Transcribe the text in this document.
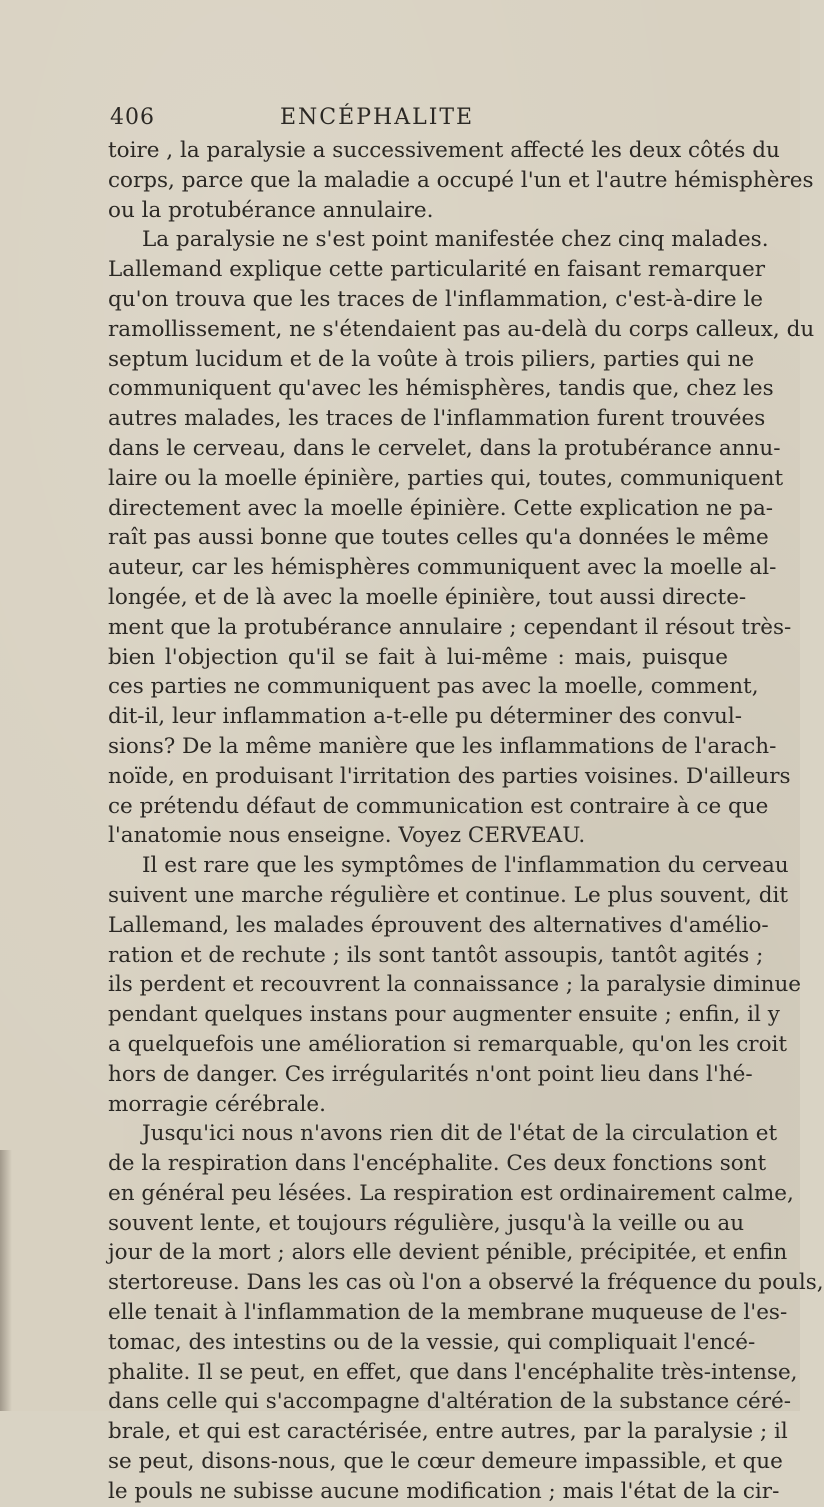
406	ENCÉPHALITE
toire , la paralysie a successivement affecté les deux côtés du
corps, parce que la maladie a occupé l'un et l'autre hémisphères
ou la protubérance annulaire.
La paralysie ne s'est point manifestée chez cinq malades.
Lallemand explique cette particularité en faisant remarquer
qu'on trouva que les traces de l'inflammation, c'est-à-dire le
ramollissement, ne s'étendaient pas au-delà du corps calleux, du
septum lucidum et de la voûte à trois piliers, parties qui ne
communiquent qu'avec les hémisphères, tandis que, chez les
autres malades, les traces de l'inflammation furent trouvées
dans le cerveau, dans le cervelet, dans la protubérance annu-
laire ou la moelle épinière, parties qui, toutes, communiquent
directement avec la moelle épinière. Cette explication ne pa-
raît pas aussi bonne que toutes celles qu'a données le même
auteur, car les hémisphères communiquent avec la moelle al-
longée, et de là avec la moelle épinière, tout aussi directe-
ment que la protubérance annulaire ; cependant il résout très-
bien l'objection qu'il se fait à lui-même : mais, puisque
ces parties ne communiquent pas avec la moelle, comment,
dit-il, leur inflammation a-t-elle pu déterminer des convul-
sions? De la même manière que les inflammations de l'arach-
noïde, en produisant l'irritation des parties voisines. D'ailleurs
ce prétendu défaut de communication est contraire à ce que
l'anatomie nous enseigne. Voyez CERVEAU.
Il est rare que les symptômes de l'inflammation du cerveau
suivent une marche régulière et continue. Le plus souvent, dit
Lallemand, les malades éprouvent des alternatives d'amélio-
ration et de rechute ; ils sont tantôt assoupis, tantôt agités ;
ils perdent et recouvrent la connaissance ; la paralysie diminue
pendant quelques instans pour augmenter ensuite ; enfin, il y
a quelquefois une amélioration si remarquable, qu'on les croit
hors de danger. Ces irrégularités n'ont point lieu dans l'hé-
morragie cérébrale.
Jusqu'ici nous n'avons rien dit de l'état de la circulation et
de la respiration dans l'encéphalite. Ces deux fonctions sont
en général peu lésées. La respiration est ordinairement calme,
souvent lente, et toujours régulière, jusqu'à la veille ou au
jour de la mort ; alors elle devient pénible, précipitée, et enfin
stertoreuse. Dans les cas où l'on a observé la fréquence du pouls,
elle tenait à l'inflammation de la membrane muqueuse de l'es-
tomac, des intestins ou de la vessie, qui compliquait l'encé-
phalite. Il se peut, en effet, que dans l'encéphalite très-intense,
dans celle qui s'accompagne d'altération de la substance céré-
brale, et qui est caractérisée, entre autres, par la paralysie ; il
se peut, disons-nous, que le cœur demeure impassible, et que
le pouls ne subisse aucune modification ; mais l'état de la cir-
